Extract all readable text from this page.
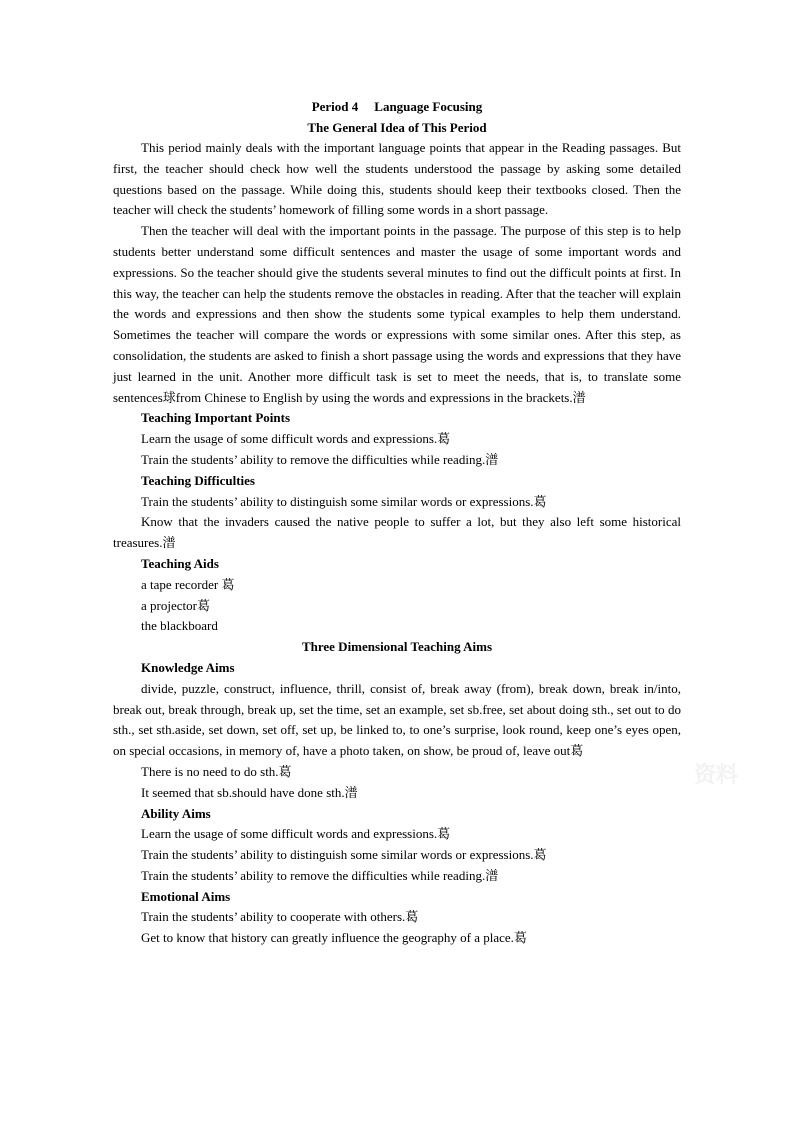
资料

Period 4 Language Focusing

The General Idea of This Period

This period mainly deals with the important language points that appear in the Reading passages. But first, the teacher should check how well the students understood the passage by asking some detailed questions based on the passage. While doing this, students should keep their textbooks closed. Then the teacher will check the students’ homework of filling some words in a short passage.

Then the teacher will deal with the important points in the passage. The purpose of this step is to help students better understand some difficult sentences and master the usage of some important words and expressions. So the teacher should give the students several minutes to find out the difficult points at first. In this way, the teacher can help the students remove the obstacles in reading. After that the teacher will explain the words and expressions and then show the students some typical examples to help them understand. Sometimes the teacher will compare the words or expressions with some similar ones. After this step, as consolidation, the students are asked to finish a short passage using the words and expressions that they have just learned in the unit. Another more difficult task is set to meet the needs, that is, to translate some sentences球from Chinese to English by using the words and expressions in the brackets.潽

Teaching Important Points

Learn the usage of some difficult words and expressions.葛

Train the students’ ability to remove the difficulties while reading.潽

Teaching Difficulties

Train the students’ ability to distinguish some similar words or expressions.葛

Know that the invaders caused the native people to suffer a lot, but they also left some historical treasures.潽

Teaching Aids

a tape recorder 葛

a projector葛

the blackboard

Three Dimensional Teaching Aims

Knowledge Aims

divide, puzzle, construct, influence, thrill, consist of, break away (from), break down, break in/into, break out, break through, break up, set the time, set an example, set sb.free, set about doing sth., set out to do sth., set sth.aside, set down, set off, set up, be linked to, to one’s surprise, look round, keep one’s eyes open, on special occasions, in memory of, have a photo taken, on show, be proud of, leave out葛

There is no need to do sth.葛

It seemed that sb.should have done sth.潽

Ability Aims

Learn the usage of some difficult words and expressions.葛

Train the students’ ability to distinguish some similar words or expressions.葛

Train the students’ ability to remove the difficulties while reading.潽

Emotional Aims

Train the students’ ability to cooperate with others.葛

Get to know that history can greatly influence the geography of a place.葛
